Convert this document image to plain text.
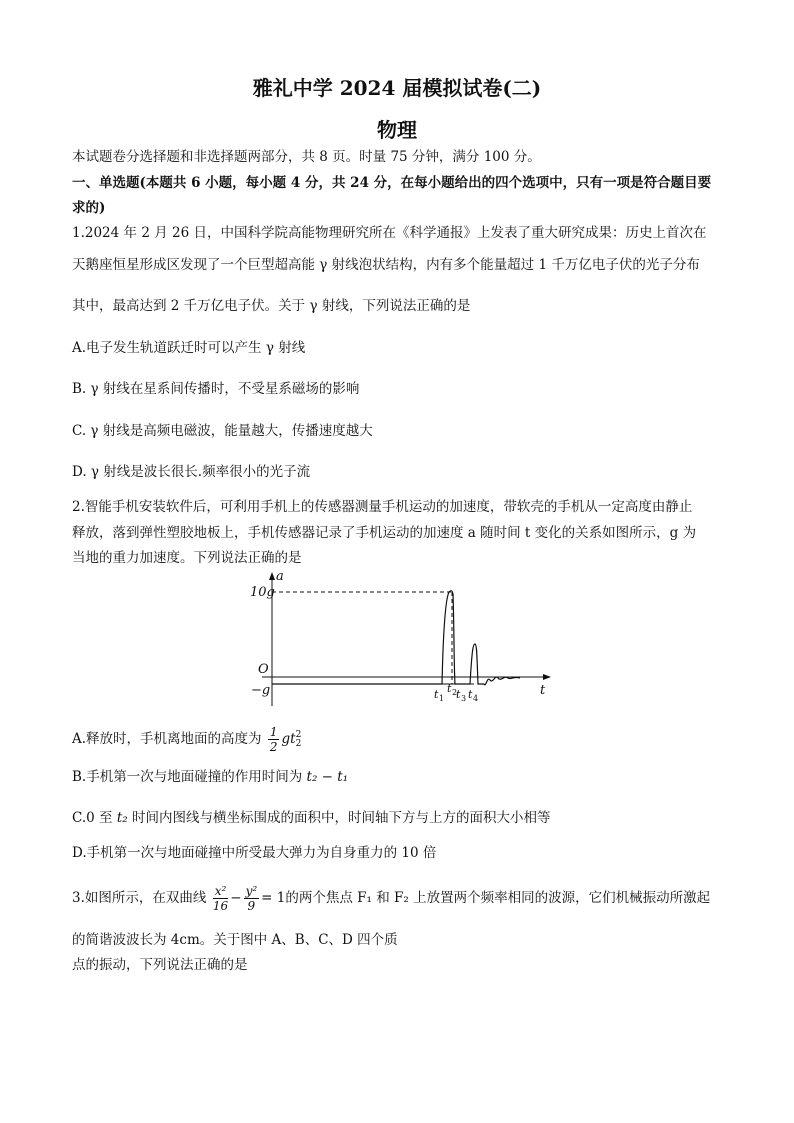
雅礼中学 2024 届模拟试卷(二)
物理
本试题卷分选择题和非选择题两部分，共 8 页。时量 75 分钟，满分 100 分。
一、单选题(本题共 6 小题，每小题 4 分，共 24 分，在每小题给出的四个选项中，只有一项是符合题目要
求的)
1.2024 年 2 月 26 日，中国科学院高能物理研究所在《科学通报》上发表了重大研究成果：历史上首次在
天鹅座恒星形成区发现了一个巨型超高能 γ 射线泡状结构，内有多个能量超过 1 千万亿电子伏的光子分布
其中，最高达到 2 千万亿电子伏。关于 γ 射线，下列说法正确的是
A.电子发生轨道跃迁时可以产生 γ 射线
B. γ 射线在星系间传播时，不受星系磁场的影响
C. γ 射线是高频电磁波，能量越大，传播速度越大
D. γ 射线是波长很长.频率很小的光子流
2.智能手机安装软件后，可利用手机上的传感器测量手机运动的加速度，带软壳的手机从一定高度由静止
释放，落到弹性塑胶地板上，手机传感器记录了手机运动的加速度 a 随时间 t 变化的关系如图所示，g 为
当地的重力加速度。下列说法正确的是
a
10g
O
−g	t
t 1
t 2
t 3 t 4
A.释放时，手机离地面的高度为 $\frac{1}{2}$ gt 2
2
B.手机第一次与地面碰撞的作用时间为 t₂ − t₁
C.0 至 t₂ 时间内图线与横坐标围成的面积中，时间轴下方与上方的面积大小相等
D.手机第一次与地面碰撞中所受最大弹力为自身重力的 10 倍
3.如图所示，在双曲线 $\frac{\text{x²}}{16} - \frac{\text{y²}}{9} = 1$的两个焦点 F₁ 和 F₂ 上放置两个频率相同的波源，它们机械振动所激起
的简谐波波长为 4cm。关于图中 A、B、C、D 四个质
点的振动，下列说法正确的是
